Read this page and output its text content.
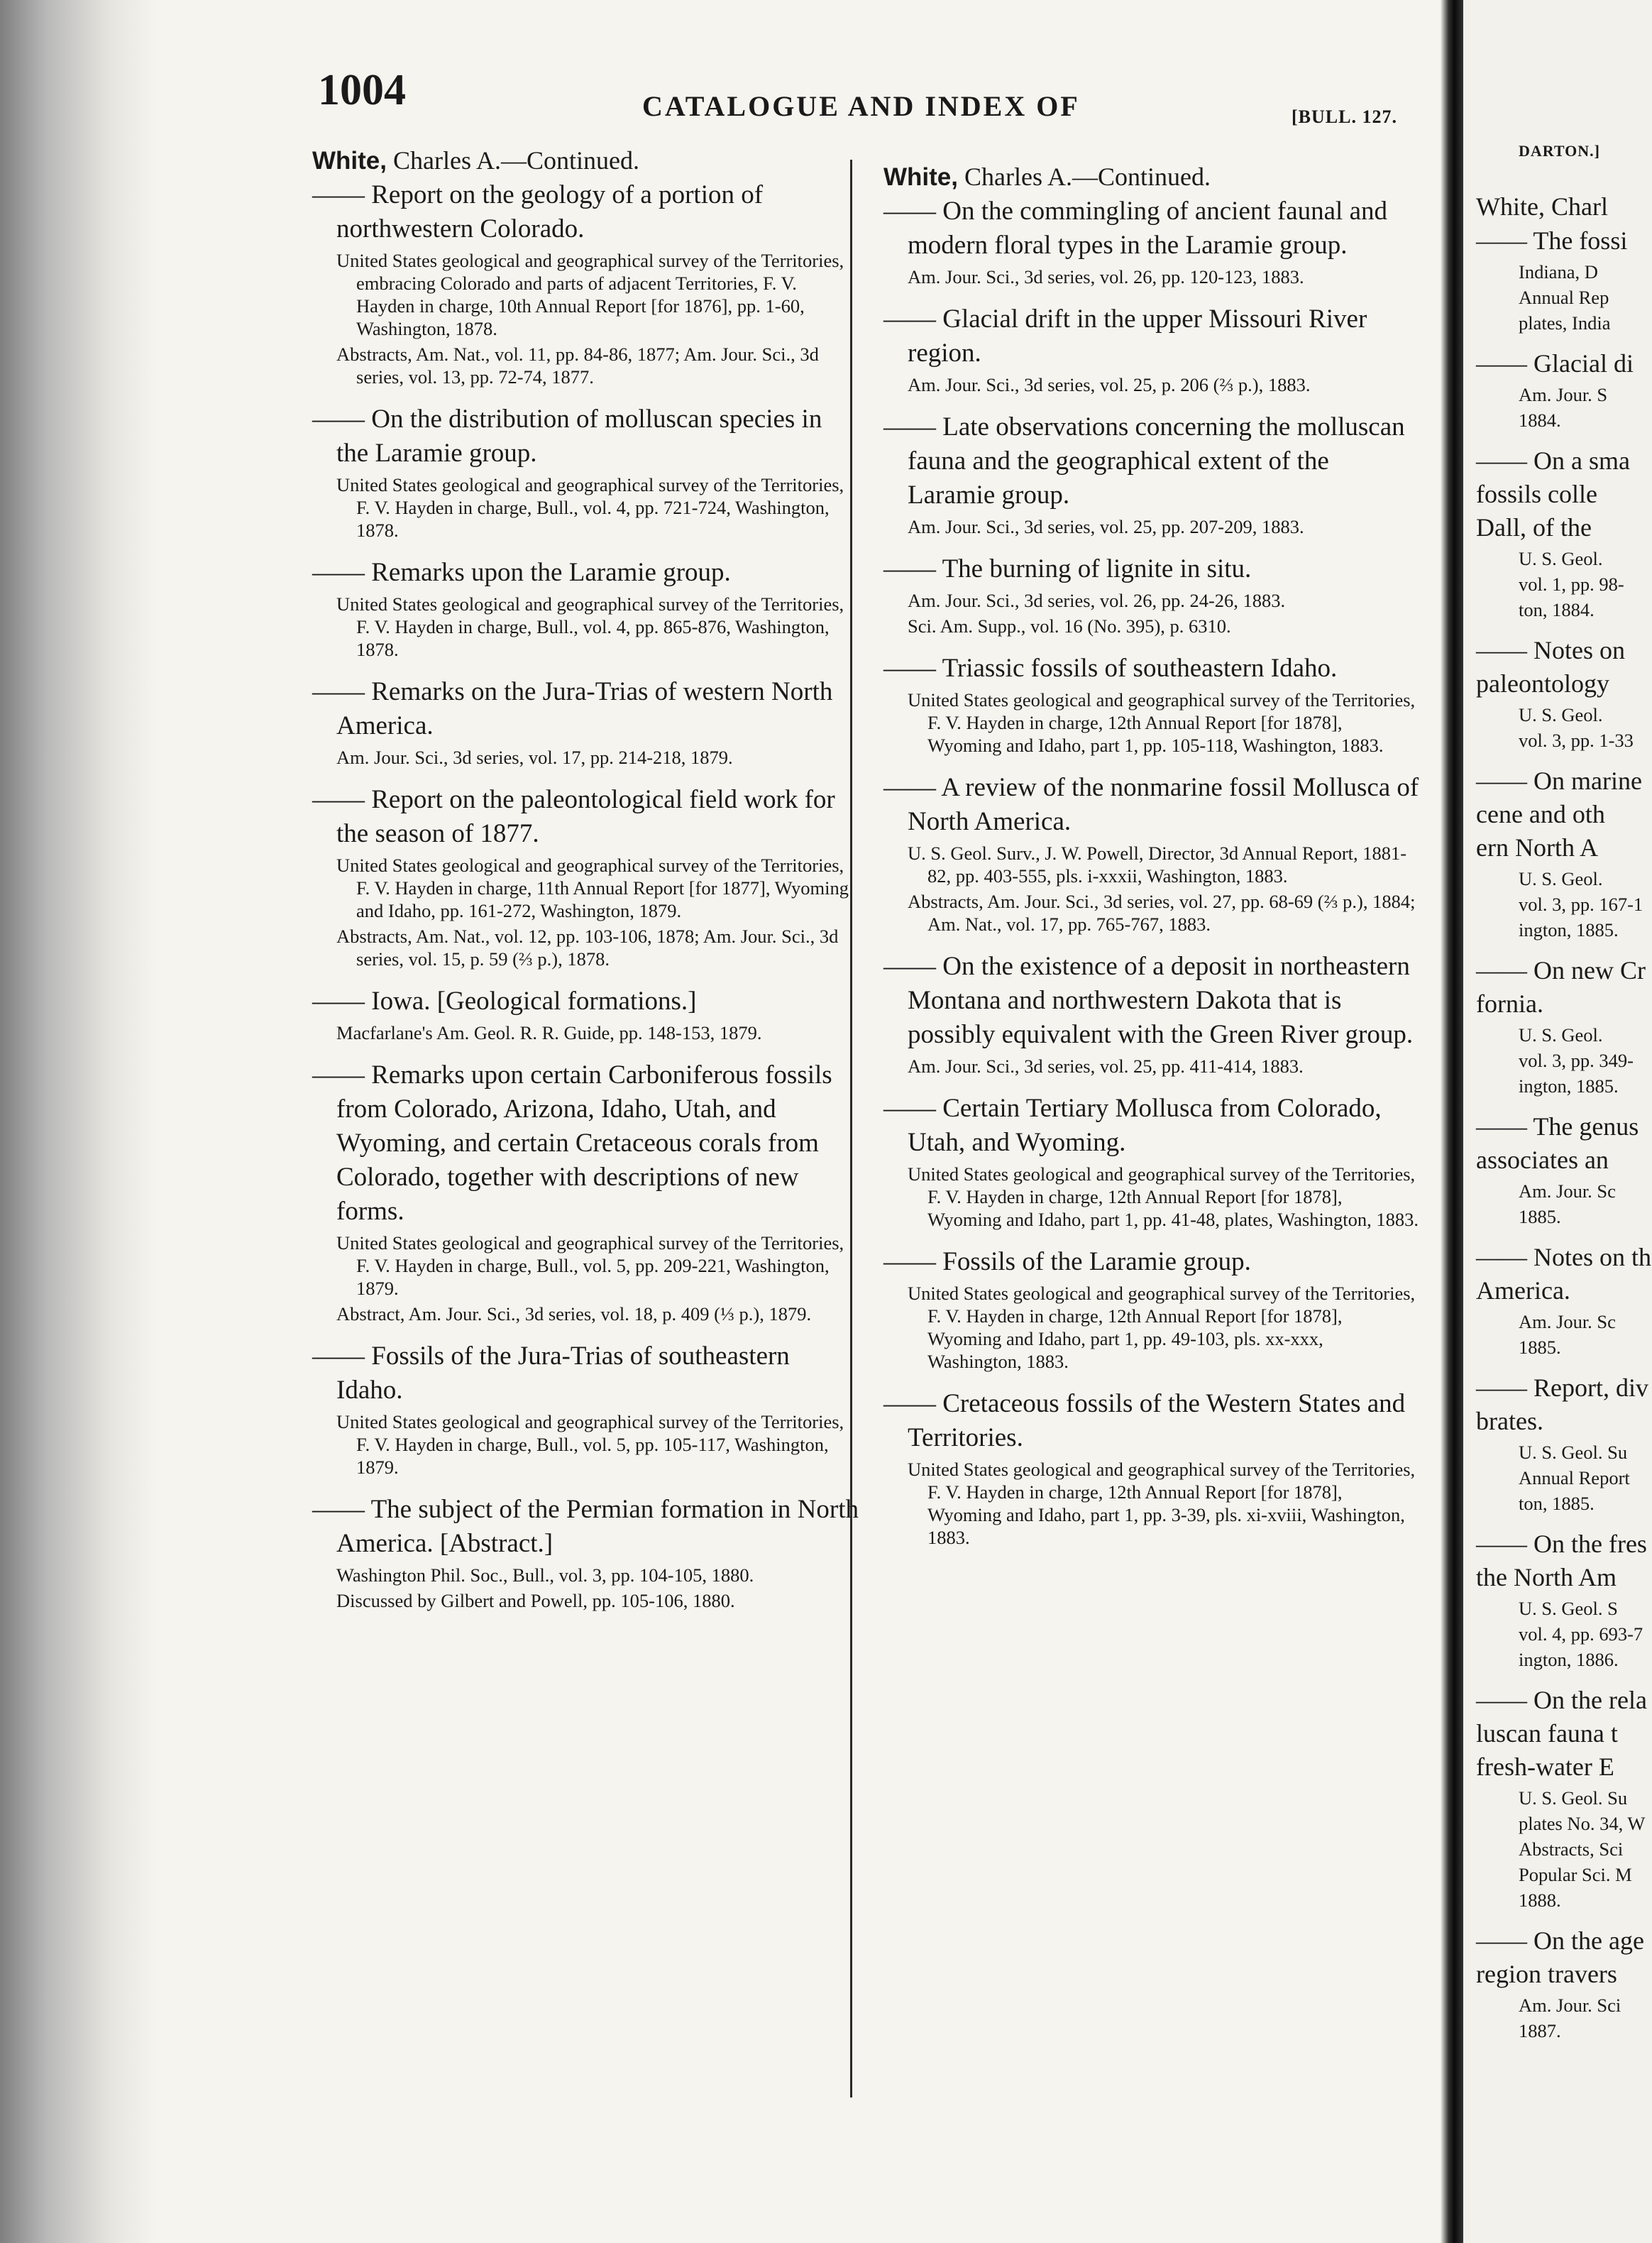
1004	CATALOGUE AND INDEX OF	[BULL. 127.
White, Charles A.—Continued.

—— Report on the geology of a portion of northwestern Colorado.

United States geological and geographical survey of the Territories, embracing Colorado and parts of adjacent Territories, F. V. Hayden in charge, 10th Annual Report [for 1876], pp. 1-60, Washington, 1878.

Abstracts, Am. Nat., vol. 11, pp. 84-86, 1877; Am. Jour. Sci., 3d series, vol. 13, pp. 72-74, 1877.

—— On the distribution of molluscan species in the Laramie group.

United States geological and geographical survey of the Territories, F. V. Hayden in charge, Bull., vol. 4, pp. 721-724, Washington, 1878.

—— Remarks upon the Laramie group.

United States geological and geographical survey of the Territories, F. V. Hayden in charge, Bull., vol. 4, pp. 865-876, Washington, 1878.

—— Remarks on the Jura-Trias of western North America.

Am. Jour. Sci., 3d series, vol. 17, pp. 214-218, 1879.

—— Report on the paleontological field work for the season of 1877.

United States geological and geographical survey of the Territories, F. V. Hayden in charge, 11th Annual Report [for 1877], Wyoming and Idaho, pp. 161-272, Washington, 1879.

Abstracts, Am. Nat., vol. 12, pp. 103-106, 1878; Am. Jour. Sci., 3d series, vol. 15, p. 59 (⅔ p.), 1878.

—— Iowa. [Geological formations.]

Macfarlane's Am. Geol. R. R. Guide, pp. 148-153, 1879.

—— Remarks upon certain Carboniferous fossils from Colorado, Arizona, Idaho, Utah, and Wyoming, and certain Cretaceous corals from Colorado, together with descriptions of new forms.

United States geological and geographical survey of the Territories, F. V. Hayden in charge, Bull., vol. 5, pp. 209-221, Washington, 1879.

Abstract, Am. Jour. Sci., 3d series, vol. 18, p. 409 (⅓ p.), 1879.

—— Fossils of the Jura-Trias of southeastern Idaho.

United States geological and geographical survey of the Territories, F. V. Hayden in charge, Bull., vol. 5, pp. 105-117, Washington, 1879.

—— The subject of the Permian formation in North America. [Abstract.]

Washington Phil. Soc., Bull., vol. 3, pp. 104-105, 1880.

Discussed by Gilbert and Powell, pp. 105-106, 1880.

White, Charles A.—Continued.

—— On the commingling of ancient faunal and modern floral types in the Laramie group.

Am. Jour. Sci., 3d series, vol. 26, pp. 120-123, 1883.

—— Glacial drift in the upper Missouri River region.

Am. Jour. Sci., 3d series, vol. 25, p. 206 (⅔ p.), 1883.

—— Late observations concerning the molluscan fauna and the geographical extent of the Laramie group.

Am. Jour. Sci., 3d series, vol. 25, pp. 207-209, 1883.

—— The burning of lignite in situ.

Am. Jour. Sci., 3d series, vol. 26, pp. 24-26, 1883.

Sci. Am. Supp., vol. 16 (No. 395), p. 6310.

—— Triassic fossils of southeastern Idaho.

United States geological and geographical survey of the Territories, F. V. Hayden in charge, 12th Annual Report [for 1878], Wyoming and Idaho, part 1, pp. 105-118, Washington, 1883.

—— A review of the nonmarine fossil Mollusca of North America.

U. S. Geol. Surv., J. W. Powell, Director, 3d Annual Report, 1881-82, pp. 403-555, pls. i-xxxii, Washington, 1883.

Abstracts, Am. Jour. Sci., 3d series, vol. 27, pp. 68-69 (⅔ p.), 1884; Am. Nat., vol. 17, pp. 765-767, 1883.

—— On the existence of a deposit in northeastern Montana and northwestern Dakota that is possibly equivalent with the Green River group.

Am. Jour. Sci., 3d series, vol. 25, pp. 411-414, 1883.

—— Certain Tertiary Mollusca from Colorado, Utah, and Wyoming.

United States geological and geographical survey of the Territories, F. V. Hayden in charge, 12th Annual Report [for 1878], Wyoming and Idaho, part 1, pp. 41-48, plates, Washington, 1883.

—— Fossils of the Laramie group.

United States geological and geographical survey of the Territories, F. V. Hayden in charge, 12th Annual Report [for 1878], Wyoming and Idaho, part 1, pp. 49-103, pls. xx-xxx, Washington, 1883.

—— Cretaceous fossils of the Western States and Territories.

United States geological and geographical survey of the Territories, F. V. Hayden in charge, 12th Annual Report [for 1878], Wyoming and Idaho, part 1, pp. 3-39, pls. xi-xviii, Washington, 1883.

DARTON.]
White, Charl
—— The fossi
Indiana, D
Annual Rep
plates, India
—— Glacial di
Am. Jour. S
1884.
—— On a sma
fossils colle
Dall, of the
U. S. Geol.
vol. 1, pp. 98-
ton, 1884.
—— Notes on
paleontology
U. S. Geol.
vol. 3, pp. 1-33
—— On marine
cene and oth
ern North A
U. S. Geol.
vol. 3, pp. 167-1
ington, 1885.
—— On new Cr
fornia.
U. S. Geol.
vol. 3, pp. 349-
ington, 1885.
—— The genus
associates an
Am. Jour. Sc
1885.
—— Notes on th
America.
Am. Jour. Sc
1885.
—— Report, div
brates.
U. S. Geol. Su
Annual Report
ton, 1885.
—— On the fres
the North Am
U. S. Geol. S
vol. 4, pp. 693-7
ington, 1886.
—— On the rela
luscan fauna t
fresh-water E
U. S. Geol. Su
plates No. 34, W
Abstracts, Sci
Popular Sci. M
1888.
—— On the age
region travers
Am. Jour. Sci
1887.
